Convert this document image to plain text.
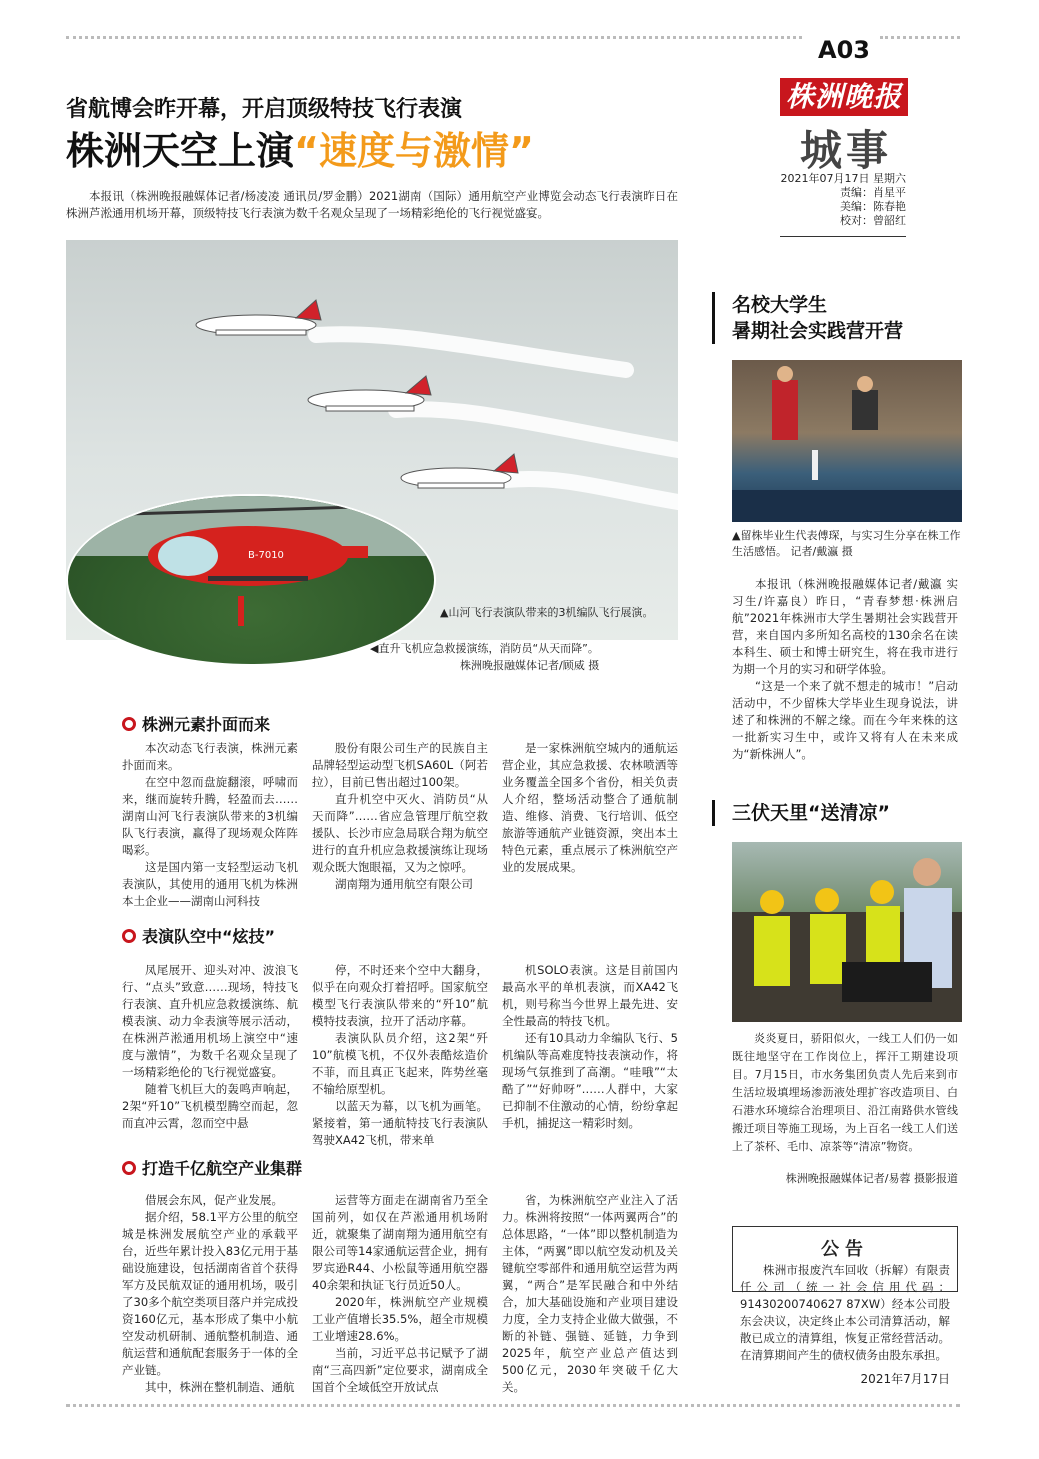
A03
株洲晚报
城事
2021年07月17日 星期六
责编：肖星平
美编：陈春艳
校对：曾韶红
省航博会昨开幕，开启顶级特技飞行表演
株洲天空上演“速度与激情”
本报讯（株洲晚报融媒体记者/杨凌凌 通讯员/罗金鹏）2021湖南（国际）通用航空产业博览会动态飞行表演昨日在株洲芦淞通用机场开幕，顶级特技飞行表演为数千名观众呈现了一场精彩绝伦的飞行视觉盛宴。
▲山河飞行表演队带来的3机编队飞行展演。
B-7010
◀直升飞机应急救援演练，消防员“从天而降”。
株洲晚报融媒体记者/顾威 摄
株洲元素扑面而来

本次动态飞行表演，株洲元素扑面而来。

在空中忽而盘旋翻滚，呼啸而来，继而旋转升腾，轻盈而去……湖南山河飞行表演队带来的3机编队飞行表演，赢得了现场观众阵阵喝彩。

这是国内第一支轻型运动飞机表演队，其使用的通用飞机为株洲本土企业——湖南山河科技

股份有限公司生产的民族自主品牌轻型运动型飞机SA60L（阿若拉），目前已售出超过100架。

直升机空中灭火、消防员“从天而降”……省应急管理厅航空救援队、长沙市应急局联合翔为航空进行的直升机应急救援演练让现场观众既大饱眼福，又为之惊呼。

湖南翔为通用航空有限公司

是一家株洲航空城内的通航运营企业，其应急救援、农林喷洒等业务覆盖全国多个省份，相关负责人介绍，整场活动整合了通航制造、维修、消费、飞行培训、低空旅游等通航产业链资源，突出本土特色元素，重点展示了株洲航空产业的发展成果。

表演队空中“炫技”

凤尾展开、迎头对冲、波浪飞行、“点头”致意……现场，特技飞行表演、直升机应急救援演练、航模表演、动力伞表演等展示活动，在株洲芦淞通用机场上演空中“速度与激情”，为数千名观众呈现了一场精彩绝伦的飞行视觉盛宴。

随着飞机巨大的轰鸣声响起，2架“歼10”飞机模型腾空而起，忽而直冲云霄，忽而空中悬

停，不时还来个空中大翻身，似乎在向观众打着招呼。国家航空模型飞行表演队带来的“歼10”航模特技表演，拉开了活动序幕。

表演队队员介绍，这2架“歼10”航模飞机，不仅外表酷炫造价不菲，而且真正飞起来，阵势丝毫不输给原型机。

以蓝天为幕，以飞机为画笔。紧接着，第一通航特技飞行表演队驾驶XA42飞机，带来单

机SOLO表演。这是目前国内最高水平的单机表演，而XA42飞机，则号称当今世界上最先进、安全性最高的特技飞机。

还有10具动力伞编队飞行、5机编队等高难度特技表演动作，将现场气氛推到了高潮。“哇哦”“太酷了”“好帅呀”……人群中，大家已抑制不住激动的心情，纷纷拿起手机，捕捉这一精彩时刻。

打造千亿航空产业集群

借展会东风，促产业发展。

据介绍，58.1平方公里的航空城是株洲发展航空产业的承载平台，近些年累计投入83亿元用于基础设施建设，包括湖南省首个获得军方及民航双证的通用机场，吸引了30多个航空类项目落户并完成投资160亿元，基本形成了集中小航空发动机研制、通航整机制造、通航运营和通航配套服务于一体的全产业链。

其中，株洲在整机制造、通航

运营等方面走在湖南省乃至全国前列，如仅在芦淞通用机场附近，就聚集了湖南翔为通用航空有限公司等14家通航运营企业，拥有罗宾逊R44、小松鼠等通用航空器40余架和执证飞行员近50人。

2020年，株洲航空产业规模工业产值增长35.5%，超全市规模工业增速28.6%。

当前，习近平总书记赋予了湖南“三高四新”定位要求，湖南成全国首个全域低空开放试点

省，为株洲航空产业注入了活力。株洲将按照“一体两翼两合”的总体思路，“一体”即以整机制造为主体，“两翼”即以航空发动机及关键航空零部件和通用航空运营为两翼，“两合”是军民融合和中外结合，加大基础设施和产业项目建设力度，全力支持企业做大做强，不断的补链、强链、延链，力争到2025年，航空产业总产值达到500亿元，2030年突破千亿大关。

名校大学生
暑期社会实践营开营
▲留株毕业生代表傅琛，与实习生分享在株工作生活感悟。 记者/戴瀛 摄

本报讯（株洲晚报融媒体记者/戴瀛 实习生/许嘉良）昨日，“青春梦想·株洲启航”2021年株洲市大学生暑期社会实践营开营，来自国内多所知名高校的130余名在读本科生、硕士和博士研究生，将在我市进行为期一个月的实习和研学体验。

“这是一个来了就不想走的城市！”启动活动中，不少留株大学毕业生现身说法，讲述了和株洲的不解之缘。而在今年来株的这一批新实习生中，或许又将有人在未来成为“新株洲人”。

三伏天里“送清凉”

炎炎夏日，骄阳似火，一线工人们仍一如既往地坚守在工作岗位上，挥汗工期建设项目。7月15日，市水务集团负责人先后来到市生活垃圾填埋场渗沥液处理扩容改造项目、白石港水环境综合治理项目、沿江南路供水管线搬迁项目等施工现场，为上百名一线工人们送上了茶杯、毛巾、凉茶等“清凉”物资。

株洲晚报融媒体记者/易蓉 摄影报道
公告

株洲市报废汽车回收（拆解）有限责任公司（统一社会信用代码：91430200740627 87XW）经本公司股东会决议，决定终止本公司清算活动，解散已成立的清算组，恢复正常经营活动。在清算期间产生的债权债务由股东承担。

2021年7月17日
